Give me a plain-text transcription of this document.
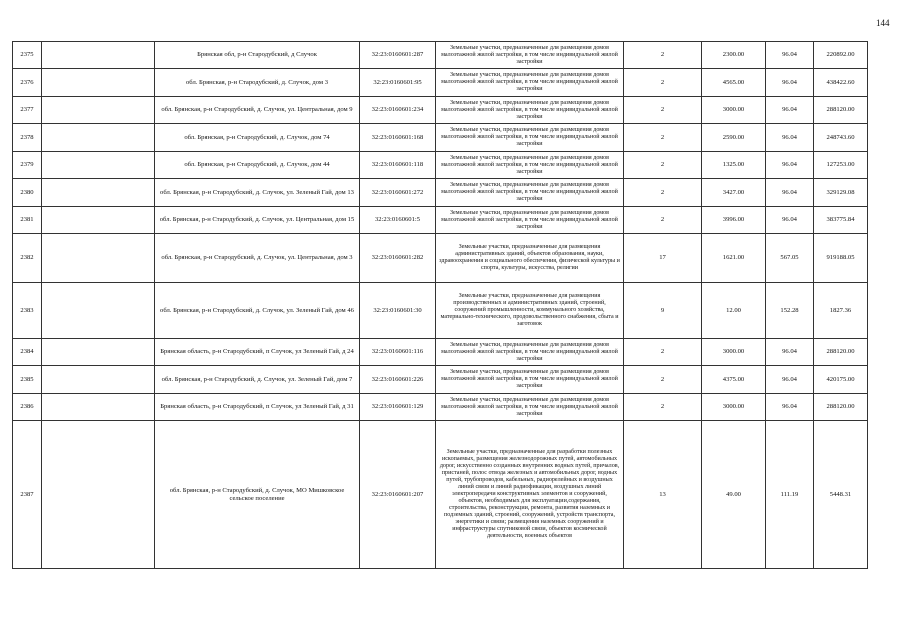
144
2375		Брянская обл, р-н Стародубский, д Случок	32:23:0160601:287	Земельные участки, предназначенные для размещения домов малоэтажной жилой застройки, в том числе индивидуальной жилой застройки	2	2300.00	96.04	220892.00
2376		обл. Брянская, р-н Стародубский, д. Случок, дом 3	32:23:0160601:95	Земельные участки, предназначенные для размещения домов малоэтажной жилой застройки, в том числе индивидуальной жилой застройки	2	4565.00	96.04	438422.60
2377		обл. Брянская, р-н Стародубский, д. Случок, ул. Центральная, дом 9	32:23:0160601:234	Земельные участки, предназначенные для размещения домов малоэтажной жилой застройки, в том числе индивидуальной жилой застройки	2	3000.00	96.04	288120.00
2378		обл. Брянская, р-н Стародубский, д. Случок, дом 74	32:23:0160601:168	Земельные участки, предназначенные для размещения домов малоэтажной жилой застройки, в том числе индивидуальной жилой застройки	2	2590.00	96.04	248743.60
2379		обл. Брянская, р-н Стародубский, д. Случок, дом 44	32:23:0160601:118	Земельные участки, предназначенные для размещения домов малоэтажной жилой застройки, в том числе индивидуальной жилой застройки	2	1325.00	96.04	127253.00
2380		обл. Брянская, р-н Стародубский, д. Случок, ул. Зеленый Гай, дом 13	32:23:0160601:272	Земельные участки, предназначенные для размещения домов малоэтажной жилой застройки, в том числе индивидуальной жилой застройки	2	3427.00	96.04	329129.08
2381		обл. Брянская, р-н Стародубский, д. Случок, ул. Центральная, дом 15	32:23:0160601:5	Земельные участки, предназначенные для размещения домов малоэтажной жилой застройки, в том числе индивидуальной жилой застройки	2	3996.00	96.04	383775.84
2382		обл. Брянская, р-н Стародубский, д. Случок, ул. Центральная, дом 3	32:23:0160601:282	Земельные участки, предназначенные для размещения административных зданий, объектов образования, науки, здравоохранения и социального обеспечения, физической культуры и спорта, культуры, искусства, религии	17	1621.00	567.05	919188.05
2383		обл. Брянская, р-н Стародубский, д. Случок, ул. Зеленый Гай, дом 46	32:23:0160601:30	Земельные участки, предназначенные для размещения производственных и административных зданий, строений, сооружений промышленности, коммунального хозяйства, материально-технического, продовольственного снабжения, сбыта и заготовок	9	12.00	152.28	1827.36
2384		Брянская область, р-н Стародубский, п Случок, ул Зеленый Гай, д 24	32:23:0160601:116	Земельные участки, предназначенные для размещения домов малоэтажной жилой застройки, в том числе индивидуальной жилой застройки	2	3000.00	96.04	288120.00
2385		обл. Брянская, р-н Стародубский, д. Случок, ул. Зеленый Гай, дом 7	32:23:0160601:226	Земельные участки, предназначенные для размещения домов малоэтажной жилой застройки, в том числе индивидуальной жилой застройки	2	4375.00	96.04	420175.00
2386		Брянская область, р-н Стародубский, п Случок, ул Зеленый Гай, д 31	32:23:0160601:129	Земельные участки, предназначенные для размещения домов малоэтажной жилой застройки, в том числе индивидуальной жилой застройки	2	3000.00	96.04	288120.00
2387		обл. Брянская, р-н Стародубский, д. Случок, МО Мишковское сельское поселение	32:23:0160601:207	Земельные участки, предназначенные для разработки полезных ископаемых, размещения железнодорожных путей, автомобильных дорог, искусственно созданных внутренних водных путей, причалов, пристаней, полос отвода железных и автомобильных дорог, водных путей, трубопроводов, кабельных, радиорелейных и воздушных линий связи и линий радиофикации, воздушных линий электропередачи конструктивных элементов и сооружений, объектов, необходимых для эксплуатации,содержания, строительства, реконструкции, ремонта, развития наземных и подземных зданий, строений, сооружений, устройств транспорта, энергетики и связи; размещения наземных сооружений и инфраструктуры спутниковой связи, объектов космической деятельности, военных объектов	13	49.00	111.19	5448.31
